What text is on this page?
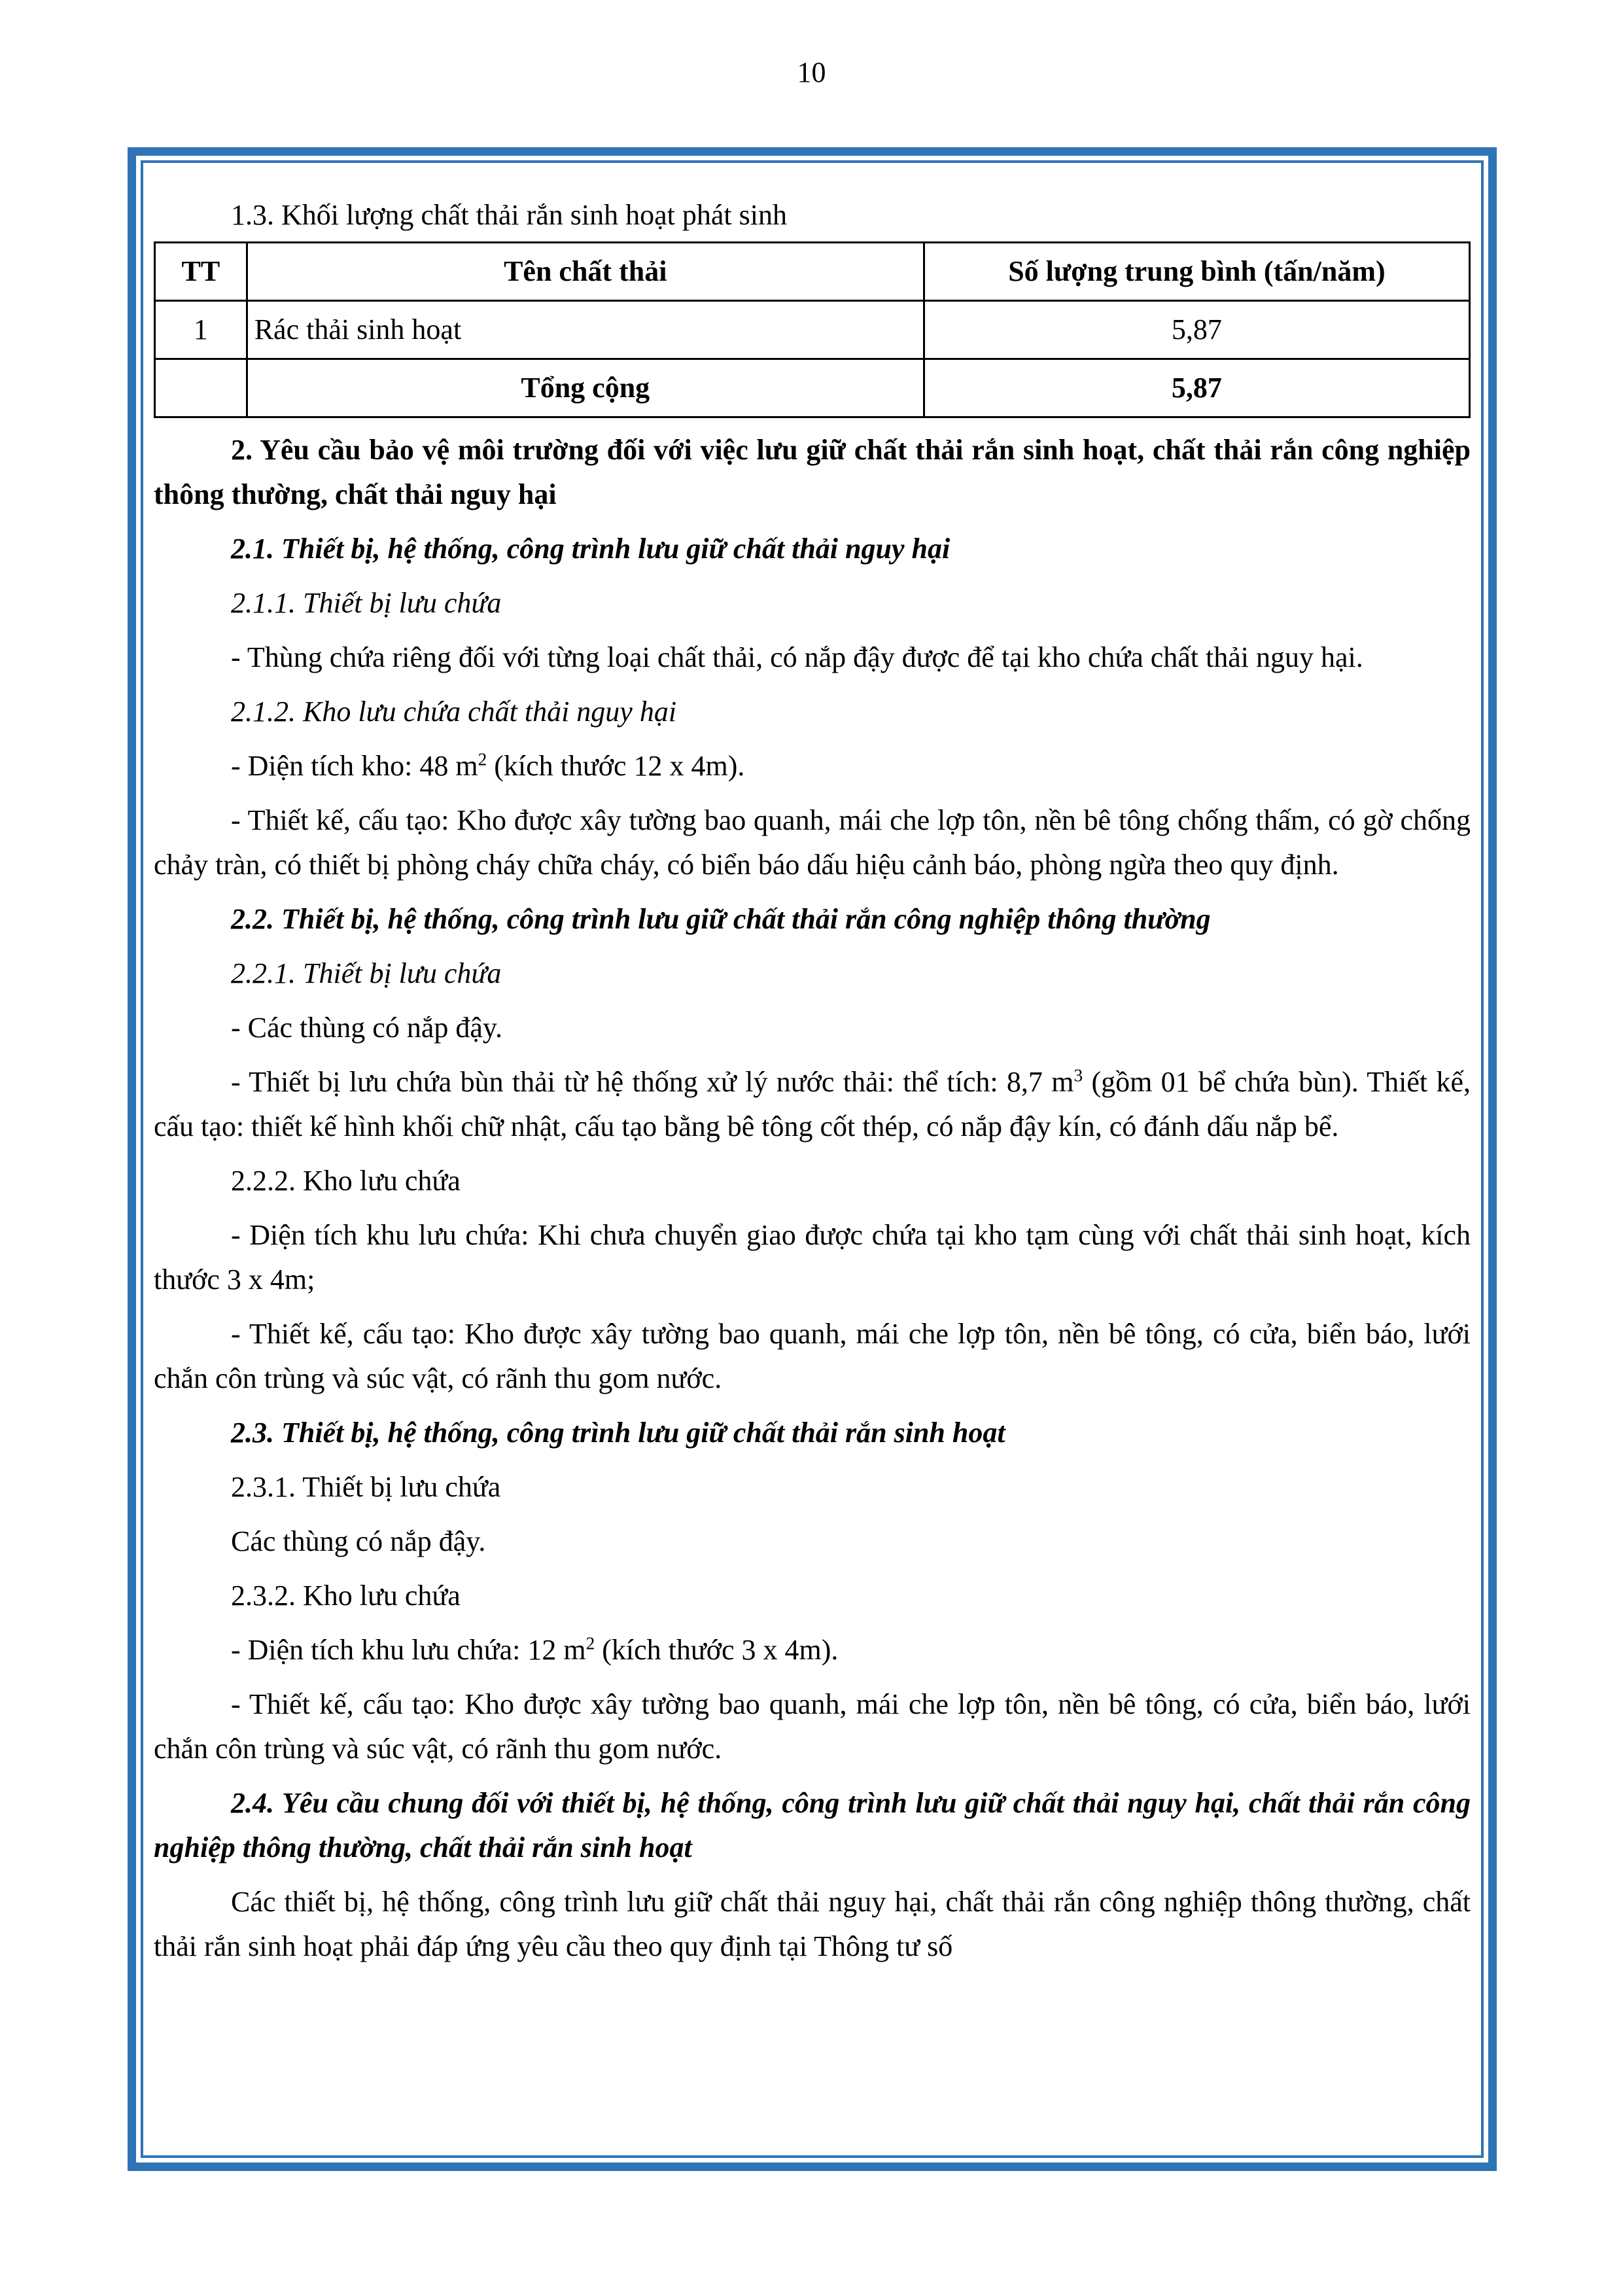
10

1.3. Khối lượng chất thải rắn sinh hoạt phát sinh

TT	Tên chất thải	Số lượng trung bình (tấn/năm)
1	Rác thải sinh hoạt	5,87
	Tổng cộng	5,87

2. Yêu cầu bảo vệ môi trường đối với việc lưu giữ chất thải rắn sinh hoạt, chất thải rắn công nghiệp thông thường, chất thải nguy hại

2.1. Thiết bị, hệ thống, công trình lưu giữ chất thải nguy hại

2.1.1. Thiết bị lưu chứa

- Thùng chứa riêng đối với từng loại chất thải, có nắp đậy được để tại kho chứa chất thải nguy hại.

2.1.2. Kho lưu chứa chất thải nguy hại

- Diện tích kho: 48 $m^2$ (kích thước 12 x 4m).

- Thiết kế, cấu tạo: Kho được xây tường bao quanh, mái che lợp tôn, nền bê tông chống thấm, có gờ chống chảy tràn, có thiết bị phòng cháy chữa cháy, có biển báo dấu hiệu cảnh báo, phòng ngừa theo quy định.

2.2. Thiết bị, hệ thống, công trình lưu giữ chất thải rắn công nghiệp thông thường

2.2.1. Thiết bị lưu chứa

- Các thùng có nắp đậy.

- Thiết bị lưu chứa bùn thải từ hệ thống xử lý nước thải: thể tích: 8,7 $m^3$ (gồm 01 bể chứa bùn). Thiết kế, cấu tạo: thiết kế hình khối chữ nhật, cấu tạo bằng bê tông cốt thép, có nắp đậy kín, có đánh dấu nắp bể.

2.2.2. Kho lưu chứa

- Diện tích khu lưu chứa: Khi chưa chuyển giao được chứa tại kho tạm cùng với chất thải sinh hoạt, kích thước 3 x 4m;

- Thiết kế, cấu tạo: Kho được xây tường bao quanh, mái che lợp tôn, nền bê tông, có cửa, biển báo, lưới chắn côn trùng và súc vật, có rãnh thu gom nước.

2.3. Thiết bị, hệ thống, công trình lưu giữ chất thải rắn sinh hoạt

2.3.1. Thiết bị lưu chứa

Các thùng có nắp đậy.

2.3.2. Kho lưu chứa

- Diện tích khu lưu chứa: 12 $m^2$ (kích thước 3 x 4m).

- Thiết kế, cấu tạo: Kho được xây tường bao quanh, mái che lợp tôn, nền bê tông, có cửa, biển báo, lưới chắn côn trùng và súc vật, có rãnh thu gom nước.

2.4. Yêu cầu chung đối với thiết bị, hệ thống, công trình lưu giữ chất thải nguy hại, chất thải rắn công nghiệp thông thường, chất thải rắn sinh hoạt

Các thiết bị, hệ thống, công trình lưu giữ chất thải nguy hại, chất thải rắn công nghiệp thông thường, chất thải rắn sinh hoạt phải đáp ứng yêu cầu theo quy định tại Thông tư số
